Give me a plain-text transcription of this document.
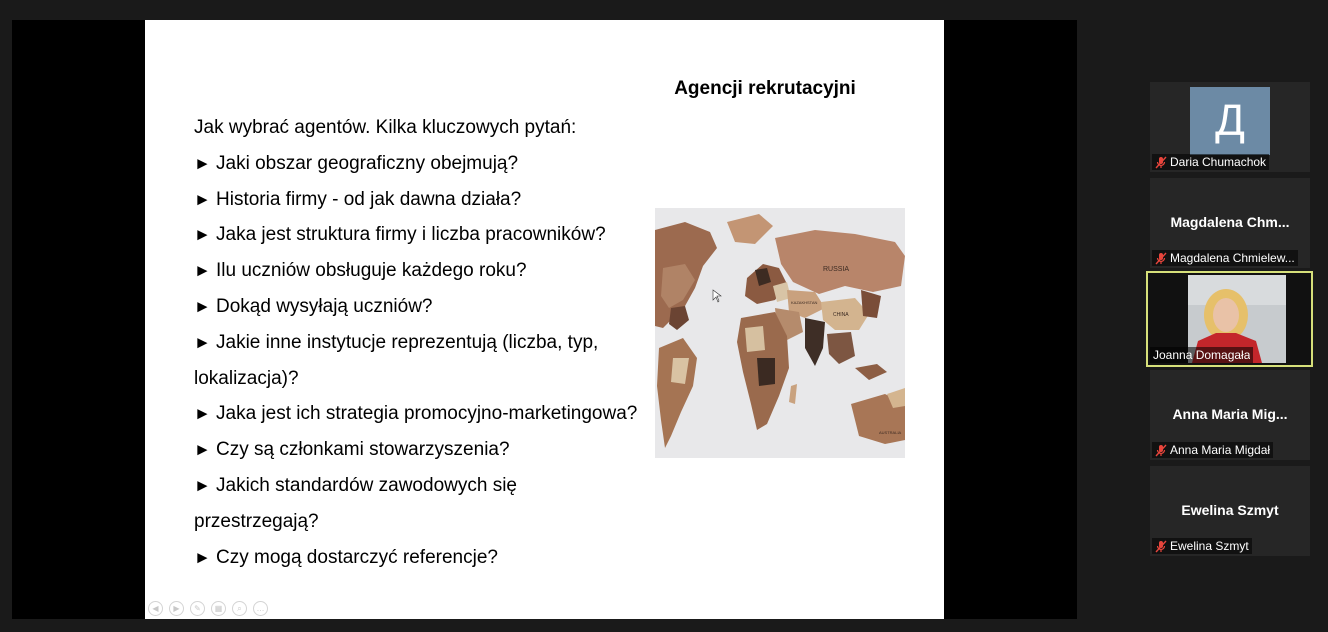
Agencji rekrutacyjni
Jak wybrać agentów. Kilka kluczowych pytań:
► Jaki obszar geograficzny obejmują?
► Historia firmy - od jak dawna działa?
► Jaka jest struktura firmy i liczba pracowników?
► Ilu uczniów obsługuje każdego roku?
► Dokąd wysyłają uczniów?
► Jakie inne instytucje reprezentują (liczba, typ,
lokalizacja)?
► Jaka jest ich strategia promocyjno-marketingowa?
► Czy są członkami stowarzyszenia?
► Jakich standardów zawodowych się
przestrzegają?
► Czy mogą dostarczyć referencje?
RUSSIA
KAZAKHSTAN
CHINA
AUSTRALIA
◀	▶	✎	▦	⌕	…
Д
Daria Chumachok
Magdalena Chm...
Magdalena Chmielew...
Joanna Domagała
Anna Maria Mig...
Anna Maria Migdał
Ewelina Szmyt
Ewelina Szmyt
